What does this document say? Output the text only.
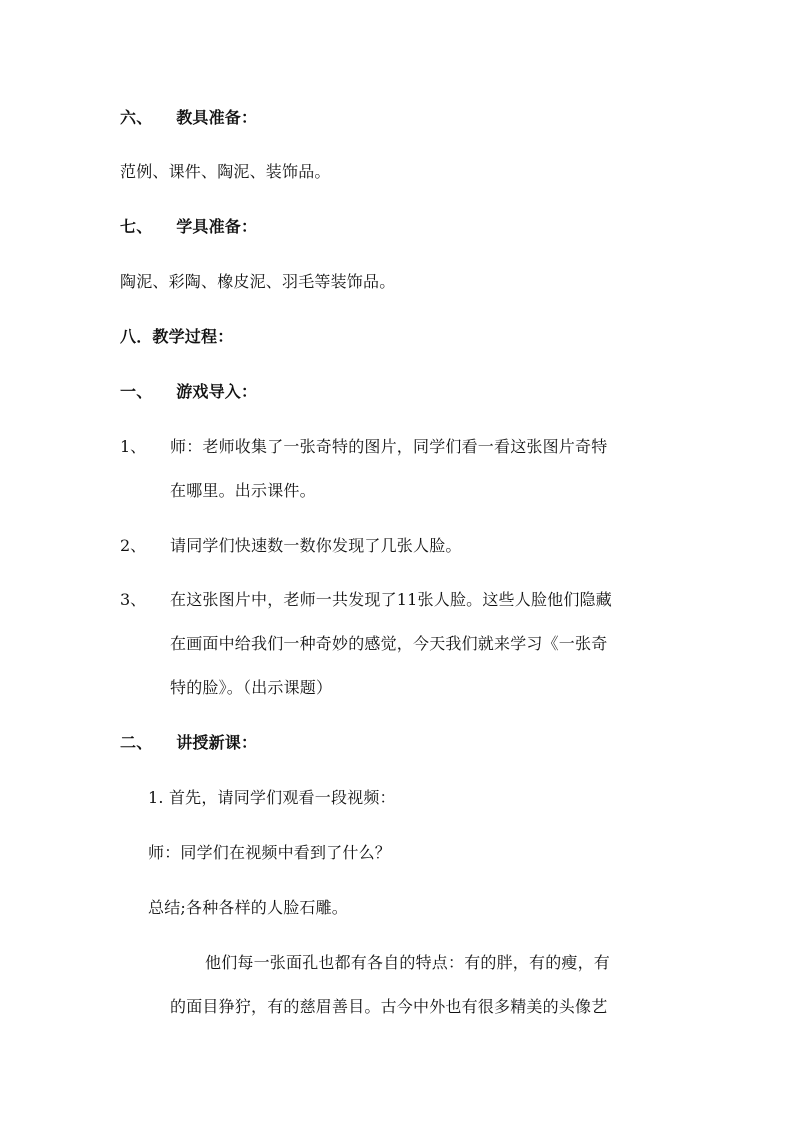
六、 教具准备：
范例、课件、陶泥、装饰品。
七、 学具准备：
陶泥、彩陶、橡皮泥、羽毛等装饰品。
八．教学过程：
一、 游戏导入：
1、 师：老师收集了一张奇特的图片，同学们看一看这张图片奇特
在哪里。出示课件。
2、 请同学们快速数一数你发现了几张人脸。
3、 在这张图片中，老师一共发现了11张人脸。这些人脸他们隐藏
在画面中给我们一种奇妙的感觉，今天我们就来学习《一张奇
特的脸》。（出示课题）
二、 讲授新课：
1. 首先，请同学们观看一段视频：
师：同学们在视频中看到了什么？
总结;各种各样的人脸石雕。
他们每一张面孔也都有各自的特点：有的胖，有的瘦，有
的面目狰狞，有的慈眉善目。古今中外也有很多精美的头像艺
